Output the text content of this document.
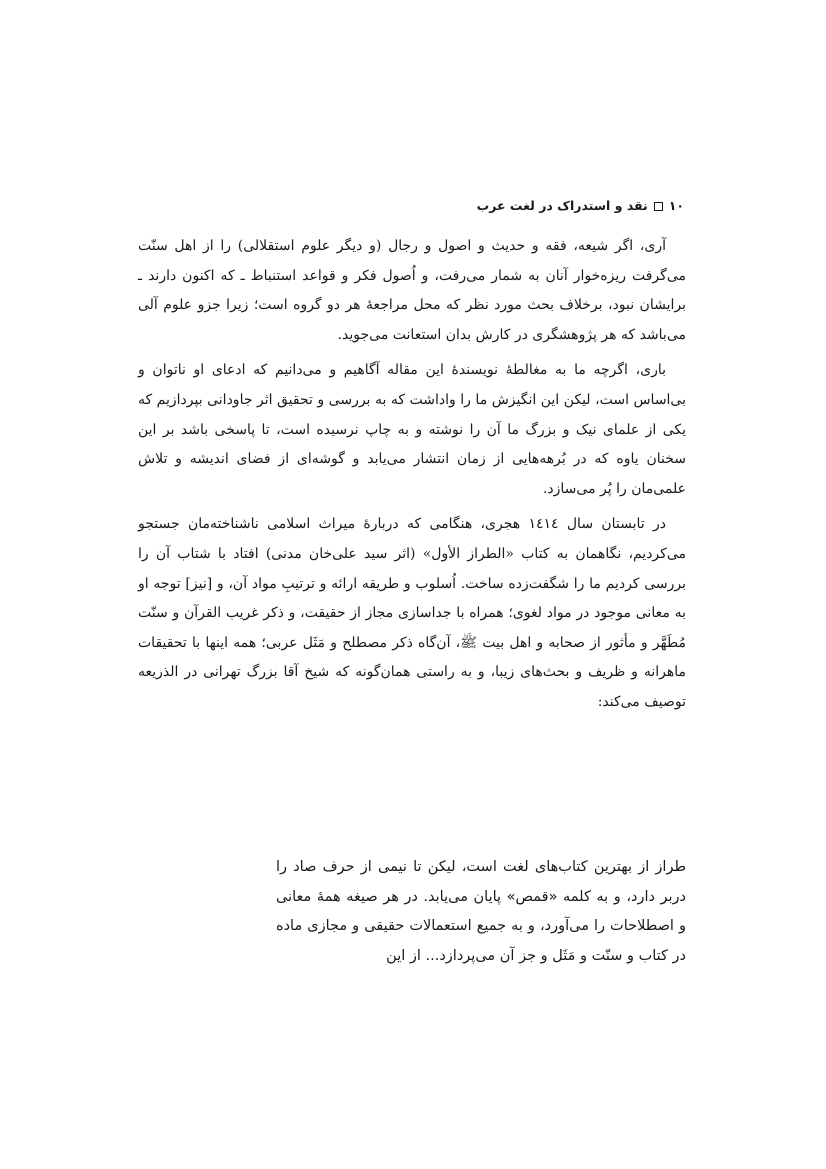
١٠
نقد و استدراک در لغت عرب

آری، اگر شیعه، فقه و حدیث و اصول و رجال (و دیگر علوم استقلالی) را از اهل سنّت می‌گرفت ریزه‌خوار آنان به شمار می‌رفت، و اُصول فکر و قواعد استنباط ـ که اکنون دارند ـ برایشان نبود، برخلاف بحث مورد نظر که محل مراجعهٔ هر دو گروه است؛ زیرا جزو علوم آلی می‌باشد که هر پژوهشگری در کارش بدان استعانت می‌جوید.

باری، اگرچه ما به مغالطهٔ نویسندهٔ این مقاله آگاهیم و می‌دانیم که ادعای او ناتوان و بی‌اساس است، لیکن این انگیزش ما را واداشت که به بررسی و تحقیق اثر جاودانی بپردازیم که یکی از علمای نیک و بزرگ ما آن را نوشته و به چاپ نرسیده است، تا پاسخی باشد بر این سخنان یاوه که در بُرهه‌هایی از زمان انتشار می‌یابد و گوشه‌ای از فضای اندیشه و تلاش علمی‌مان را پُر می‌سازد.

در تابستان سال ١٤١٤ هجری، هنگامی که دربارهٔ میراث اسلامی ناشناخته‌مان جستجو می‌کردیم، نگاهمان به کتاب «الطراز الأول» (اثر سید علی‌خان مدنی) افتاد با شتاب آن را بررسی کردیم ما را شگفت‌زده ساخت. اُسلوب و طریقه ارائه و ترتیبِ مواد آن، و [نیز] توجه او به معانی موجود در مواد لغوی؛ همراه با جداسازی مجاز از حقیقت، و ذکر غریب القرآن و سنّت مُطَهَّر و مأثور از صحابه و اهل بیت ﷺ، آن‌گاه ذکر مصطلح و مَثَل عربی؛ همه اینها با تحقیقات ماهرانه و ظریف و بحث‌های زیبا، و به راستی همان‌گونه که شیخ آقا بزرگ تهرانی در الذریعه توصیف می‌کند:

طراز از بهترین کتاب‌های لغت است، لیکن تا نیمی از حرف صاد را دربر دارد، و به کلمه «قمص» پایان می‌یابد. در هر صیغه همهٔ معانی و اصطلاحات را می‌آورد، و به جمیع استعمالات حقیقی و مجازی ماده در کتاب و سنّت و مَثَل و جز آن می‌پردازد... از این
